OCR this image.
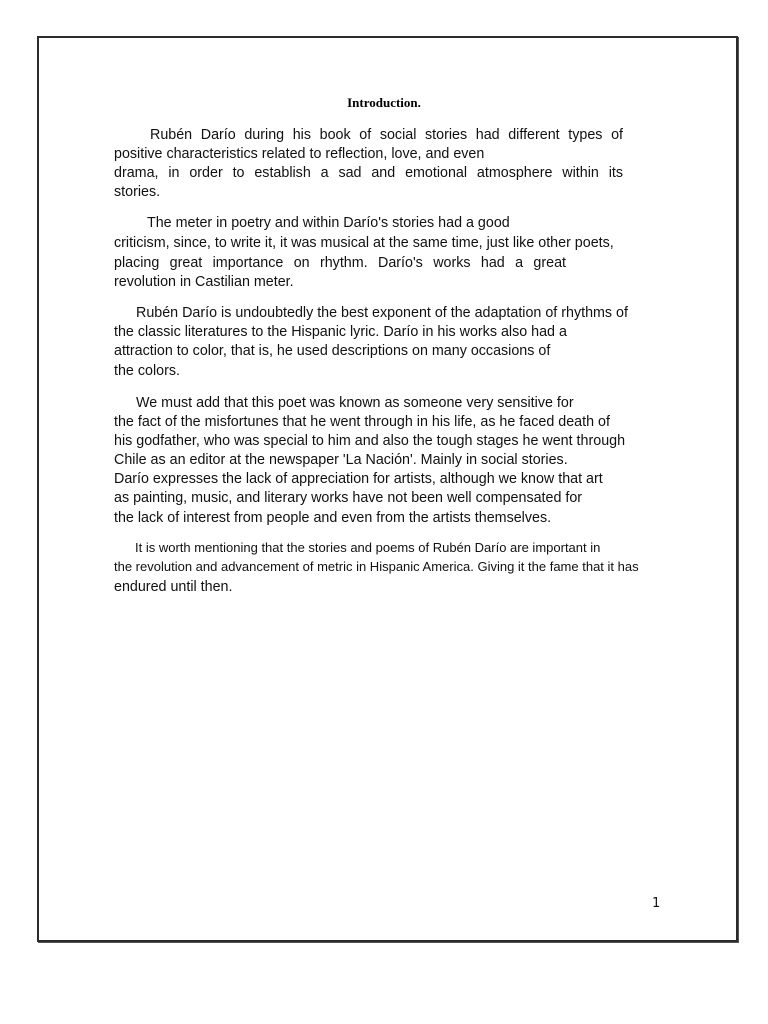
Introduction.
Rubén Darío during his book of social stories had different types of
positive characteristics related to reflection, love, and even
drama, in order to establish a sad and emotional atmosphere within its
stories.
The meter in poetry and within Darío's stories had a good
criticism, since, to write it, it was musical at the same time, just like other poets,
placing great importance on rhythm. Darío's works had a great
revolution in Castilian meter.
Rubén Darío is undoubtedly the best exponent of the adaptation of rhythms of
the classic literatures to the Hispanic lyric. Darío in his works also had a
attraction to color, that is, he used descriptions on many occasions of
the colors.
We must add that this poet was known as someone very sensitive for
the fact of the misfortunes that he went through in his life, as he faced death of
his godfather, who was special to him and also the tough stages he went through
Chile as an editor at the newspaper 'La Nación'. Mainly in social stories.
Darío expresses the lack of appreciation for artists, although we know that art
as painting, music, and literary works have not been well compensated for
the lack of interest from people and even from the artists themselves.
It is worth mentioning that the stories and poems of Rubén Darío are important in
the revolution and advancement of metric in Hispanic America. Giving it the fame that it has
endured until then.
1
